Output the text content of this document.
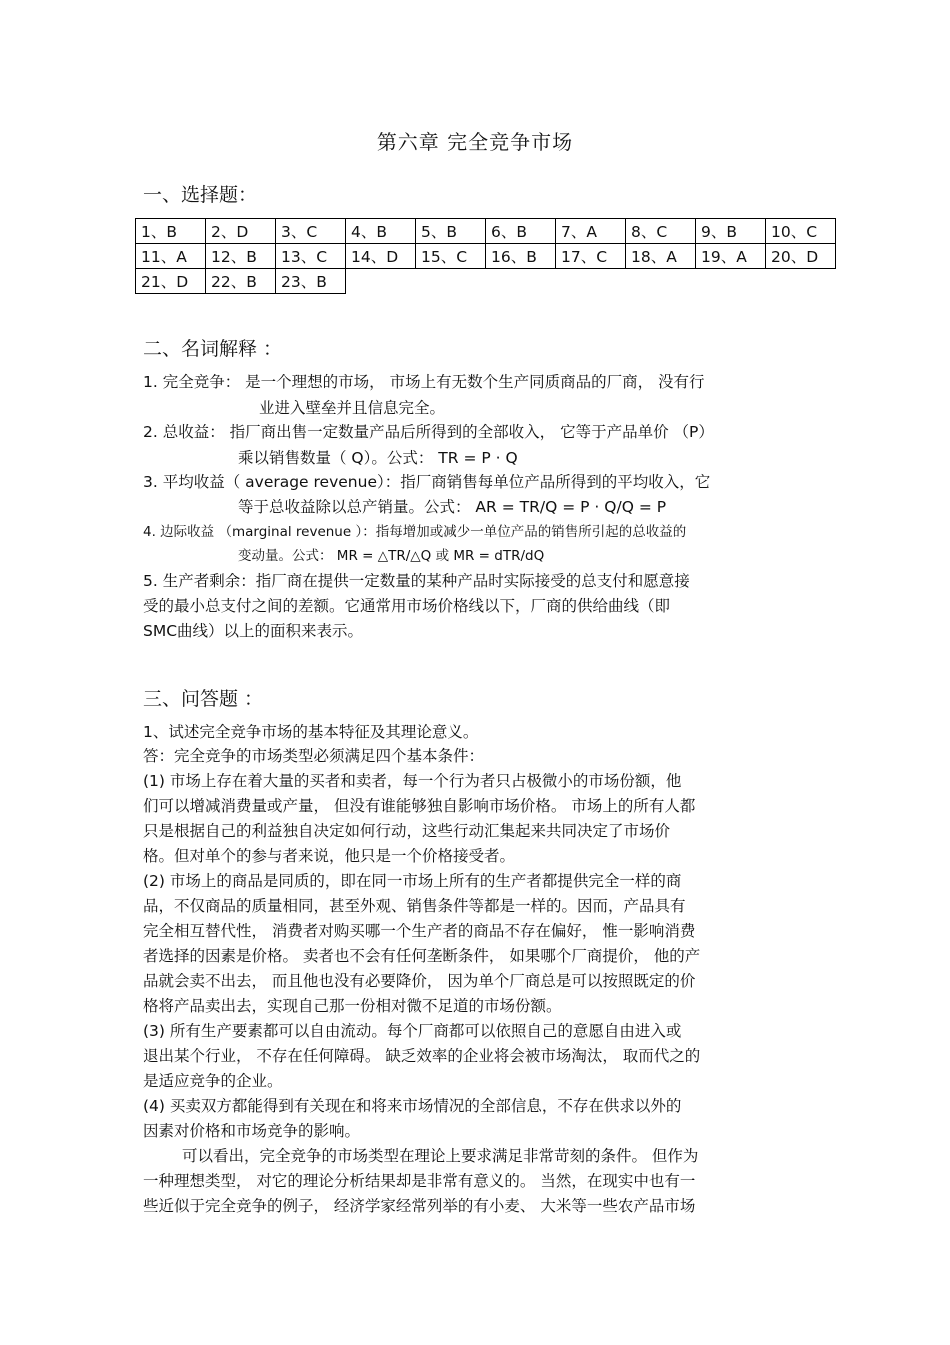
第六章 完全竞争市场
一、选择题：
1、B	2、D	3、C	4、B	5、B	6、B	7、A	8、C	9、B	10、C
11、A	12、B	13、C	14、D	15、C	16、B	17、C	18、A	19、A	20、D
21、D	22、B	23、B							
二、名词解释 ：
1. 完全竞争： 是一个理想的市场， 市场上有无数个生产同质商品的厂商， 没有行
业进入壁垒并且信息完全。
2. 总收益： 指厂商出售一定数量产品后所得到的全部收入， 它等于产品单价 （P）
乘以销售数量（ Q）。公式： TR = P · Q
3. 平均收益（ average revenue）：指厂商销售每单位产品所得到的平均收入，它
等于总收益除以总产销量。公式： AR = TR/Q = P · Q/Q = P
4. 边际收益 （marginal revenue ）：指每增加或减少一单位产品的销售所引起的总收益的
变动量。公式： MR = △TR/△Q 或 MR = dTR/dQ
5. 生产者剩余：指厂商在提供一定数量的某种产品时实际接受的总支付和愿意接
受的最小总支付之间的差额。它通常用市场价格线以下，厂商的供给曲线（即
SMC曲线）以上的面积来表示。
三、问答题 ：
1、试述完全竞争市场的基本特征及其理论意义。
答：完全竞争的市场类型必须满足四个基本条件：
(1) 市场上存在着大量的买者和卖者，每一个行为者只占极微小的市场份额，他
们可以增减消费量或产量， 但没有谁能够独自影响市场价格。 市场上的所有人都
只是根据自己的利益独自决定如何行动，这些行动汇集起来共同决定了市场价
格。但对单个的参与者来说，他只是一个价格接受者。
(2) 市场上的商品是同质的，即在同一市场上所有的生产者都提供完全一样的商
品，不仅商品的质量相同，甚至外观、销售条件等都是一样的。因而，产品具有
完全相互替代性， 消费者对购买哪一个生产者的商品不存在偏好， 惟一影响消费
者选择的因素是价格。 卖者也不会有任何垄断条件， 如果哪个厂商提价， 他的产
品就会卖不出去， 而且他也没有必要降价， 因为单个厂商总是可以按照既定的价
格将产品卖出去，实现自己那一份相对微不足道的市场份额。
(3) 所有生产要素都可以自由流动。每个厂商都可以依照自己的意愿自由进入或
退出某个行业， 不存在任何障碍。 缺乏效率的企业将会被市场淘汰， 取而代之的
是适应竞争的企业。
(4) 买卖双方都能得到有关现在和将来市场情况的全部信息，不存在供求以外的
因素对价格和市场竞争的影响。
可以看出，完全竞争的市场类型在理论上要求满足非常苛刻的条件。 但作为
一种理想类型， 对它的理论分析结果却是非常有意义的。 当然，在现实中也有一
些近似于完全竞争的例子， 经济学家经常列举的有小麦、 大米等一些农产品市场
